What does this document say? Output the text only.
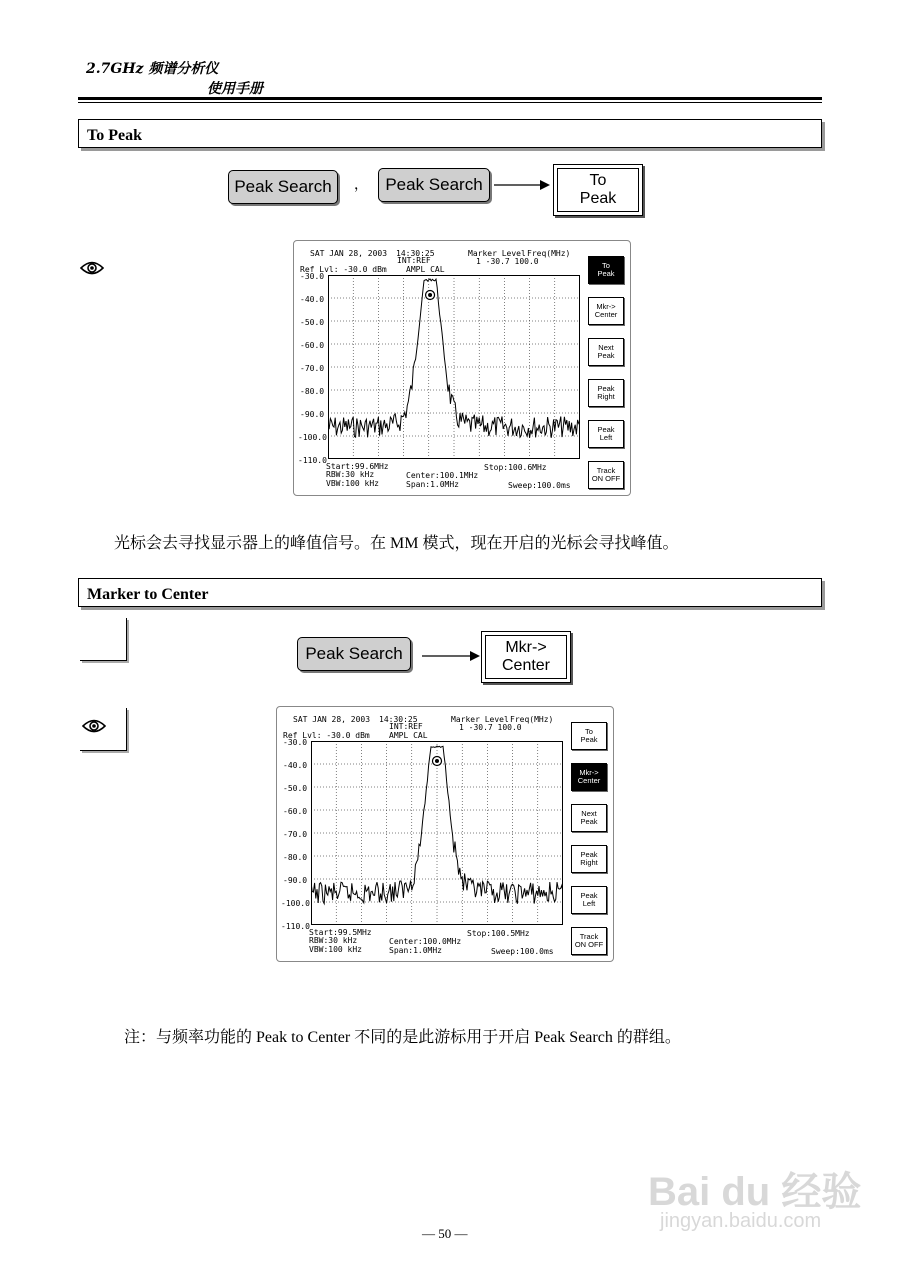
2.7GHz 频谱分析仪
使用手册
To Peak
Peak Search	，	Peak Search	To
Peak
SAT JAN 28, 2003 14:30:25
INT:REF
AMPL CAL
Marker Level Freq(MHz)
1 -30.7 100.0
Ref Lvl: -30.0 dBm
-30.0
-40.0
-50.0
-60.0
-70.0
-80.0
-90.0
-100.0
-110.0
Start:99.6MHz
RBW:30 kHz
VBW:100 kHz
Center:100.1MHz
Span:1.0MHz
Stop:100.6MHz
Sweep:100.0ms
To
Peak
Mkr->
Center
Next
Peak
Peak
Right
Peak
Left
Track
ON OFF
光标会去寻找显示器上的峰值信号。在 MM 模式，现在开启的光标会寻找峰值。
Marker to Center
Peak Search	Mkr->
Center
SAT JAN 28, 2003 14:30:25
INT:REF
AMPL CAL
Marker Level Freq(MHz)
1 -30.7 100.0
Ref Lvl: -30.0 dBm
-30.0
-40.0
-50.0
-60.0
-70.0
-80.0
-90.0
-100.0
-110.0
Start:99.5MHz
RBW:30 kHz
VBW:100 kHz
Center:100.0MHz
Span:1.0MHz
Stop:100.5MHz
Sweep:100.0ms
To
Peak
Mkr->
Center
Next
Peak
Peak
Right
Peak
Left
Track
ON OFF
注：与频率功能的 Peak to Center 不同的是此游标用于开启 Peak Search 的群组。
— 50 —
Bai du 经验
jingyan.baidu.com
